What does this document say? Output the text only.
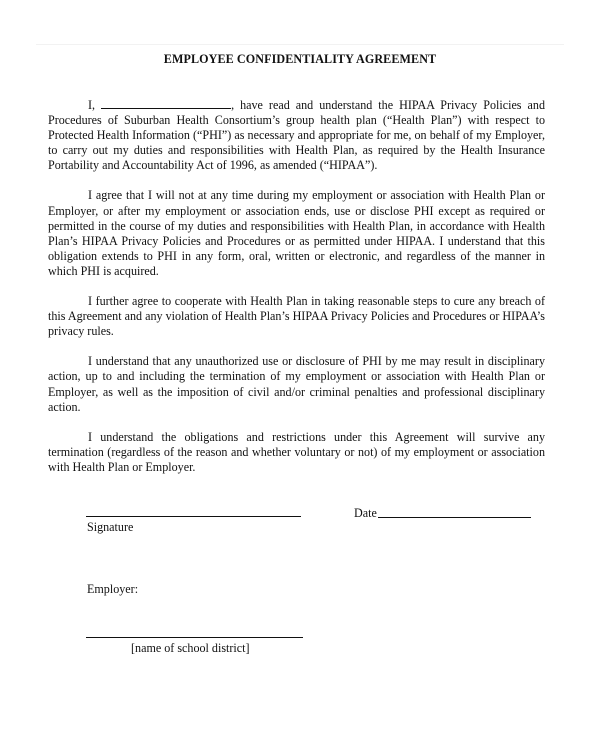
EMPLOYEE CONFIDENTIALITY AGREEMENT

I,	, have read and understand the HIPAA Privacy Policies and Procedures of Suburban Health Consortium’s group health plan (“Health Plan”) with respect to Protected Health Information (“PHI”) as necessary and appropriate for me, on behalf of my Employer, to carry out my duties and responsibilities with Health Plan, as required by the Health Insurance Portability and Accountability Act of 1996, as amended (“HIPAA”).

I agree that I will not at any time during my employment or association with Health Plan or Employer, or after my employment or association ends, use or disclose PHI except as required or permitted in the course of my duties and responsibilities with Health Plan, in accordance with Health Plan’s HIPAA Privacy Policies and Procedures or as permitted under HIPAA. I understand that this obligation extends to PHI in any form, oral, written or electronic, and regardless of the manner in which PHI is acquired.

I further agree to cooperate with Health Plan in taking reasonable steps to cure any breach of this Agreement and any violation of Health Plan’s HIPAA Privacy Policies and Procedures or HIPAA’s privacy rules.

I understand that any unauthorized use or disclosure of PHI by me may result in disciplinary action, up to and including the termination of my employment or association with Health Plan or Employer, as well as the imposition of civil and/or criminal penalties and professional disciplinary action.

I understand the obligations and restrictions under this Agreement will survive any termination (regardless of the reason and whether voluntary or not) of my employment or association with Health Plan or Employer.

Signature
Date
Employer:
[name of school district]
